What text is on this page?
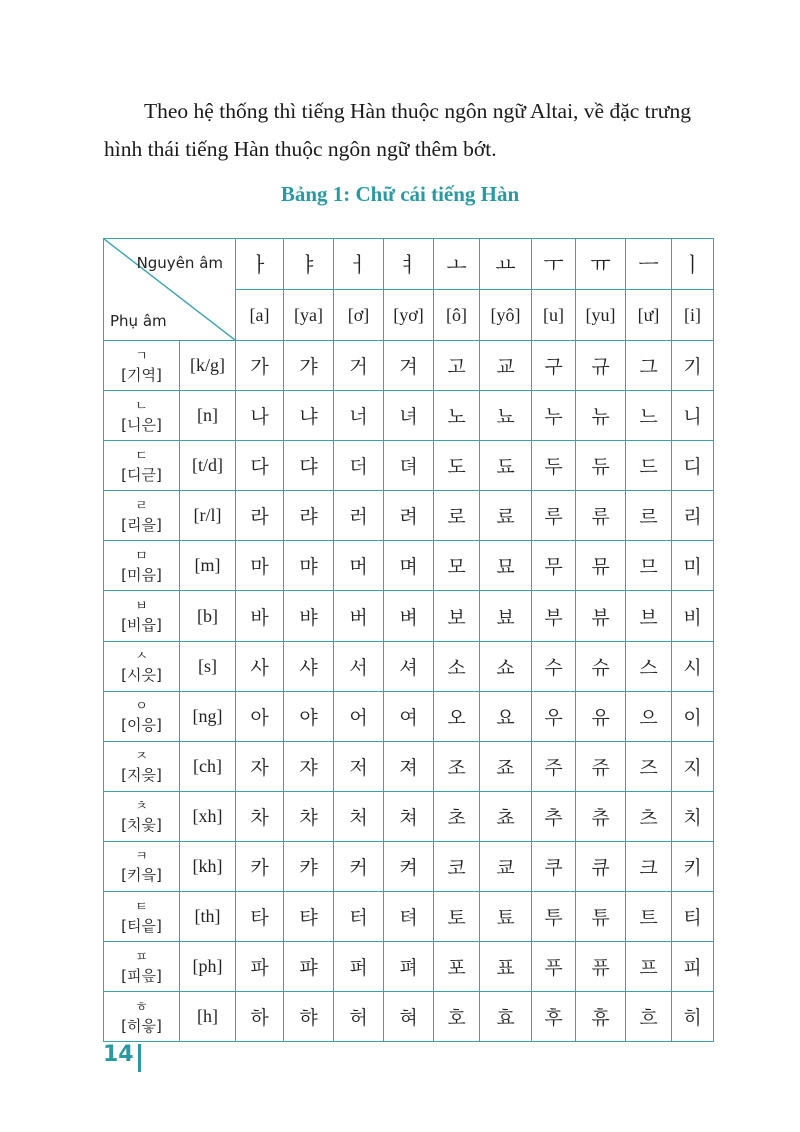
Theo hệ thống thì tiếng Hàn thuộc ngôn ngữ Altai, về đặc trưng hình thái tiếng Hàn thuộc ngôn ngữ thêm bớt.

Bảng 1: Chữ cái tiếng Hàn

Nguyên âm
Phụ âm		ㅏ	ㅑ	ㅓ	ㅕ	ㅗ	ㅛ	ㅜ	ㅠ	ㅡ	ㅣ
		[a]	[ya]	[ơ]	[yơ]	[ô]	[yô]	[u]	[yu]	[ư]	[i]

ㄱ
[기역]	[k/g]	가	갸	거	겨	고	교	구	규	그	기

ㄴ
[니은]	[n]	나	냐	너	녀	노	뇨	누	뉴	느	니

ㄷ
[디귿]	[t/d]	다	댜	더	뎌	도	됴	두	듀	드	디

ㄹ
[리을]	[r/l]	라	랴	러	려	로	료	루	류	르	리

ㅁ
[미음]	[m]	마	먀	머	며	모	묘	무	뮤	므	미

ㅂ
[비읍]	[b]	바	뱌	버	벼	보	뵤	부	뷰	브	비

ㅅ
[시읏]	[s]	사	샤	서	셔	소	쇼	수	슈	스	시

ㅇ
[이응]	[ng]	아	야	어	여	오	요	우	유	으	이

ㅈ
[지읒]	[ch]	자	쟈	저	져	조	죠	주	쥬	즈	지

ㅊ
[치읓]	[xh]	차	챠	처	쳐	초	쵸	추	츄	츠	치

ㅋ
[키읔]	[kh]	카	캬	커	켜	코	쿄	쿠	큐	크	키

ㅌ
[티읕]	[th]	타	탸	터	텨	토	툐	투	튜	트	티

ㅍ
[피읖]	[ph]	파	퍄	퍼	펴	포	표	푸	퓨	프	피

ㅎ
[히읗]	[h]	하	햐	허	혀	호	효	후	휴	흐	히
14
